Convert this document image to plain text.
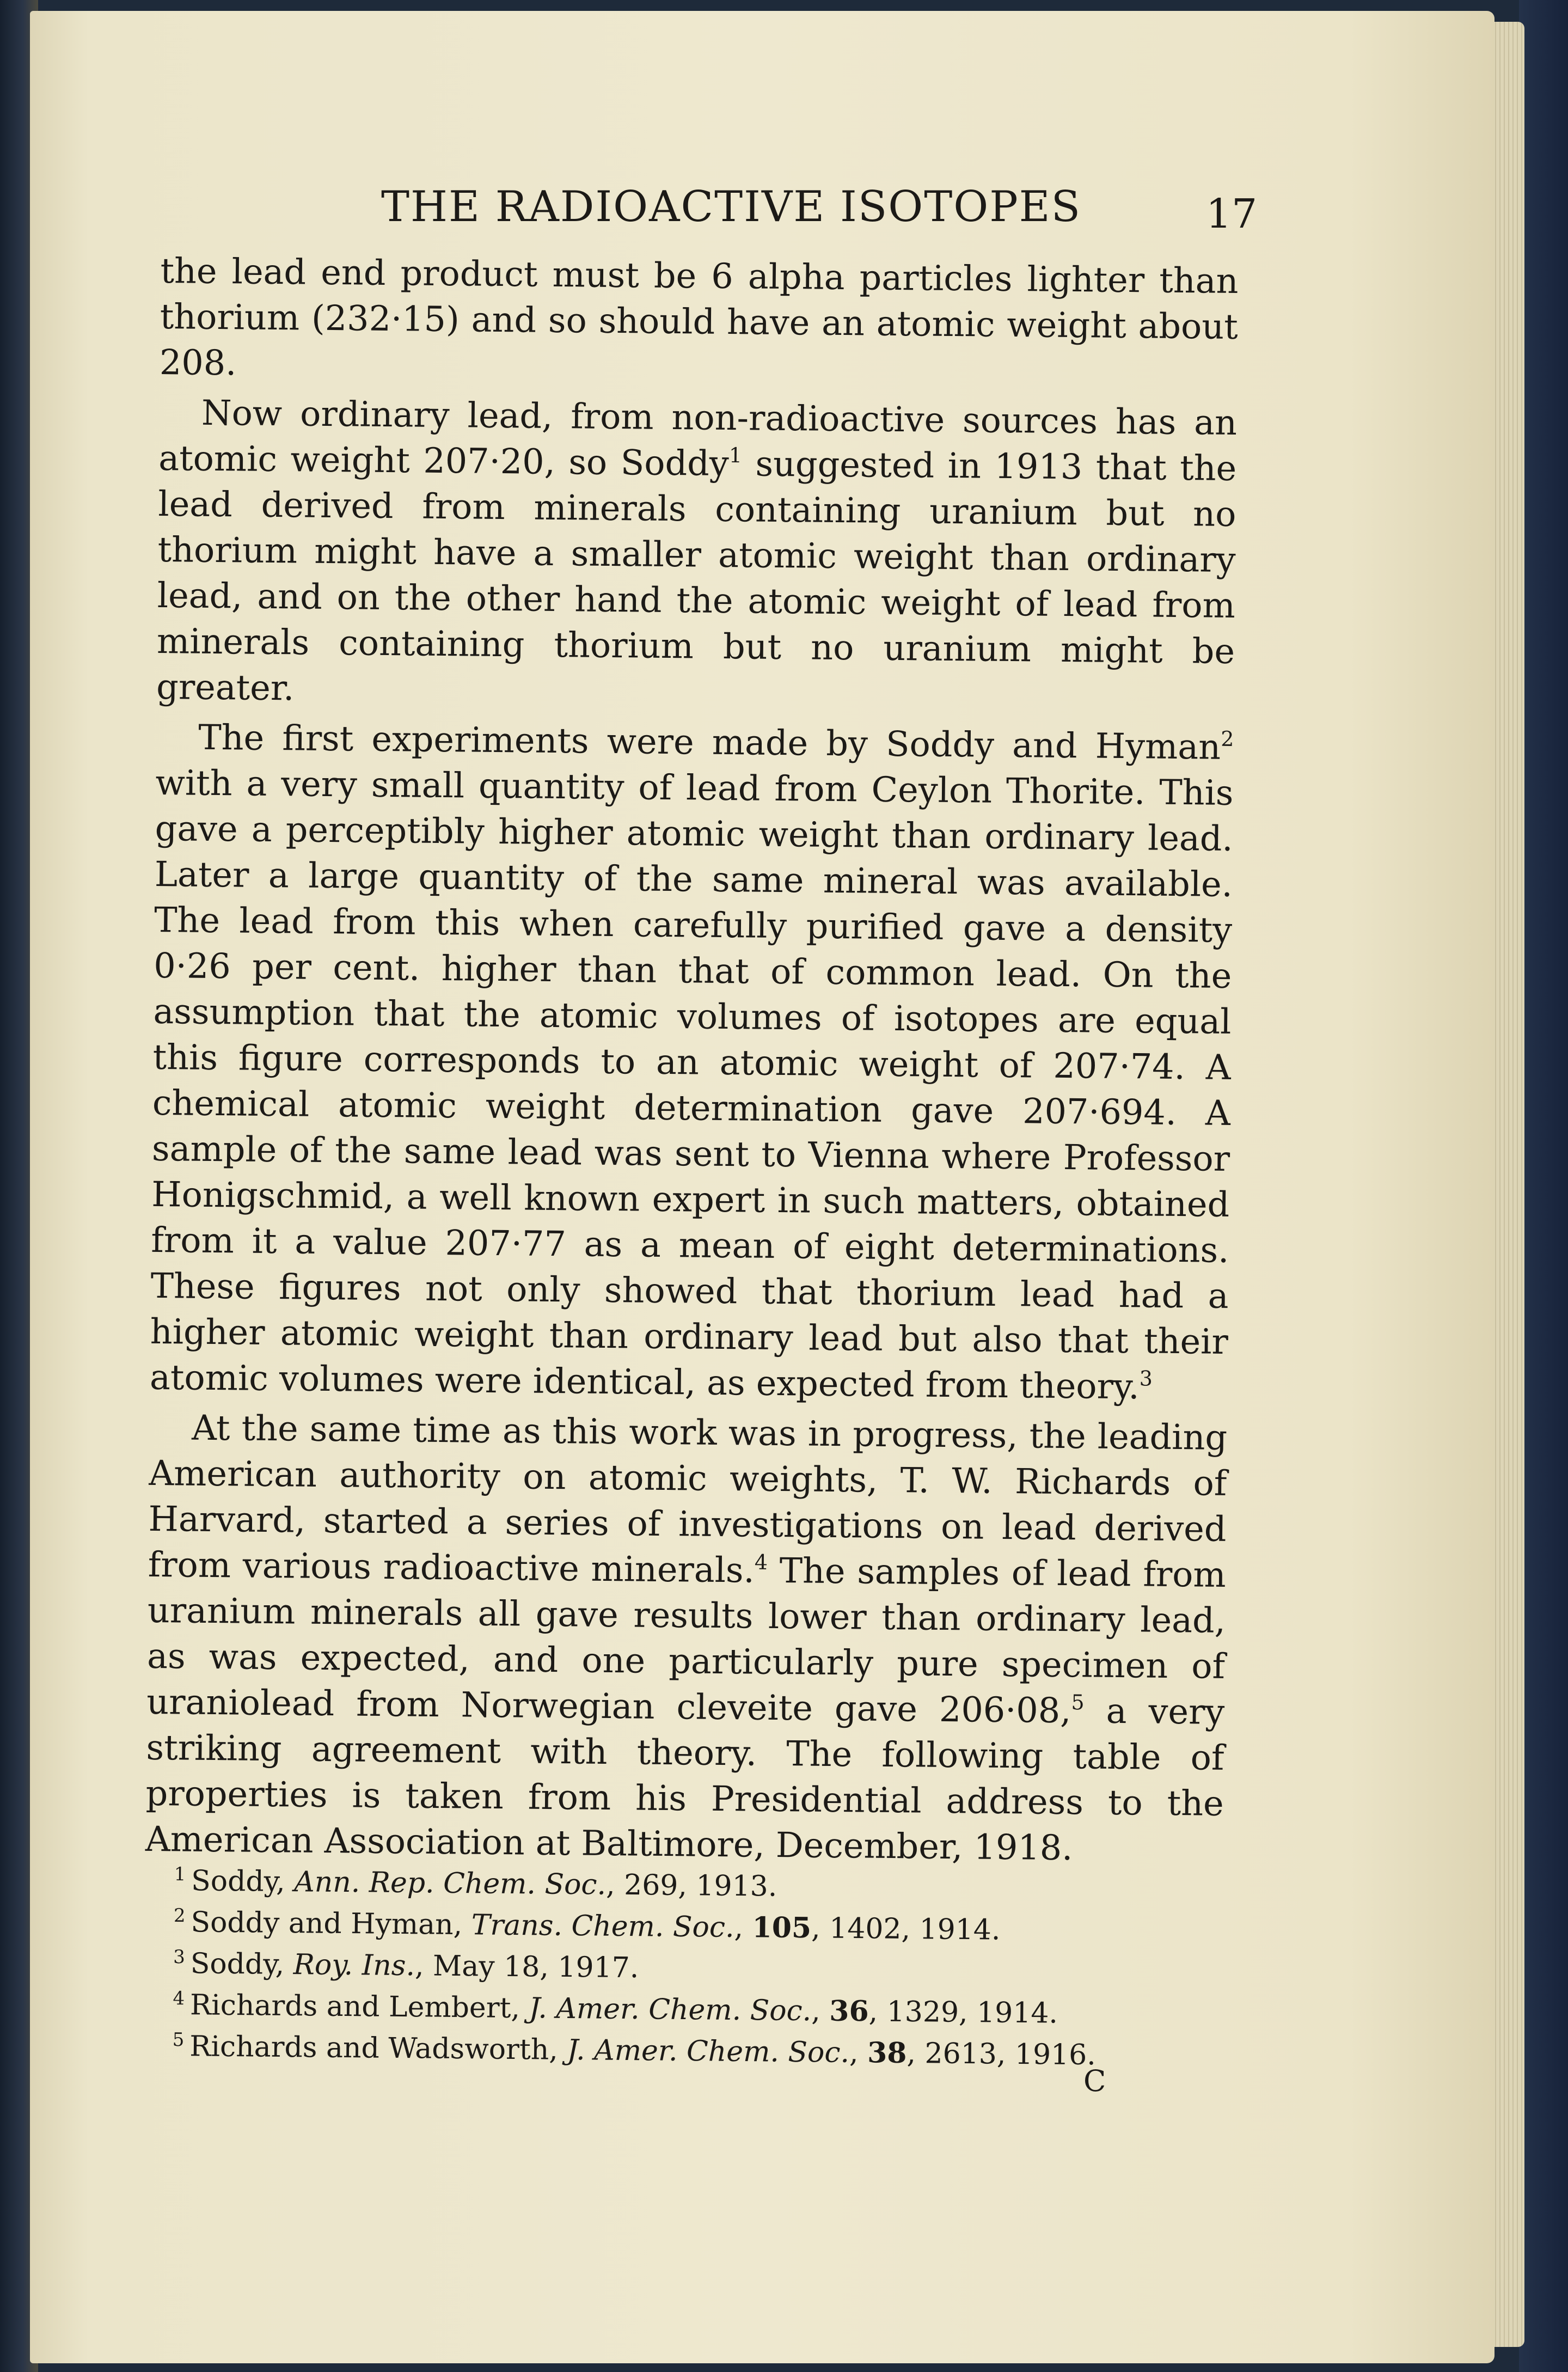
THE RADIOACTIVE ISOTOPES	17

the lead end product must be 6 alpha particles lighter than thorium (232·15) and so should have an atomic weight about 208.

Now ordinary lead, from non-radioactive sources has an atomic weight 207·20, so Soddy$^1$ suggested in 1913 that the lead derived from minerals containing uranium but no thorium might have a smaller atomic weight than ordinary lead, and on the other hand the atomic weight of lead from minerals containing thorium but no uranium might be greater.

The first experiments were made by Soddy and Hyman$^2$ with a very small quantity of lead from Ceylon Thorite. This gave a perceptibly higher atomic weight than ordinary lead. Later a large quantity of the same mineral was available. The lead from this when carefully purified gave a density 0·26 per cent. higher than that of common lead. On the assumption that the atomic volumes of isotopes are equal this figure corresponds to an atomic weight of 207·74. A chemical atomic weight determination gave 207·694. A sample of the same lead was sent to Vienna where Professor Honigschmid, a well known expert in such matters, obtained from it a value 207·77 as a mean of eight determinations. These figures not only showed that thorium lead had a higher atomic weight than ordinary lead but also that their atomic volumes were identical, as expected from theory.$^3$

At the same time as this work was in progress, the leading American authority on atomic weights, T. W. Richards of Harvard, started a series of investigations on lead derived from various radioactive minerals.$^4$ The samples of lead from uranium minerals all gave results lower than ordinary lead, as was expected, and one particularly pure specimen of uraniolead from Norwegian cleveite gave 206·08,$^5$ a very striking agreement with theory. The following table of properties is taken from his Presidential address to the American Association at Baltimore, December, 1918.

$^1$ Soddy, Ann. Rep. Chem. Soc., 269, 1913.
$^2$ Soddy and Hyman, Trans. Chem. Soc., 105, 1402, 1914.
$^3$ Soddy, Roy. Ins., May 18, 1917.
$^4$ Richards and Lembert, J. Amer. Chem. Soc., 36, 1329, 1914.
$^5$ Richards and Wadsworth, J. Amer. Chem. Soc., 38, 2613, 1916.
C
